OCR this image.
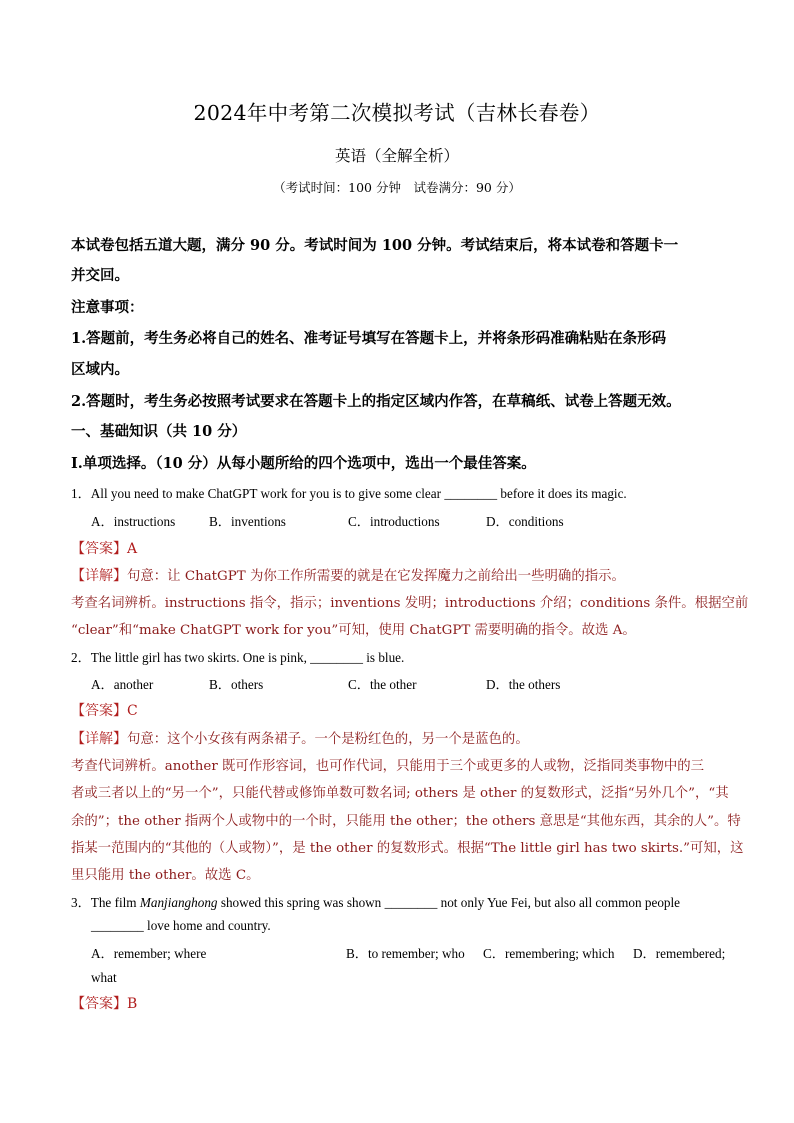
2024年中考第二次模拟考试（吉林长春卷）
英语（全解全析）
（考试时间：100 分钟　试卷满分：90 分）
本试卷包括五道大题，满分 90 分。考试时间为 100 分钟。考试结束后，将本试卷和答题卡一
并交回。
注意事项：
1.答题前，考生务必将自己的姓名、准考证号填写在答题卡上，并将条形码准确粘贴在条形码
区域内。
2.答题时，考生务必按照考试要求在答题卡上的指定区域内作答，在草稿纸、试卷上答题无效。
一、基础知识（共 10 分）
I.单项选择。（10 分）从每小题所给的四个选项中，选出一个最佳答案。
1．All you need to make ChatGPT work for you is to give some clear ________ before it does its magic.
A．instructions	B．inventions	C．introductions	D．conditions
【答案】A
【详解】句意：让 ChatGPT 为你工作所需要的就是在它发挥魔力之前给出一些明确的指示。
考查名词辨析。instructions 指令，指示；inventions 发明；introductions 介绍；conditions 条件。根据空前
“clear”和“make ChatGPT work for you”可知，使用 ChatGPT 需要明确的指令。故选 A。
2．The little girl has two skirts. One is pink, ________ is blue.
A．another	B．others	C．the other	D．the others
【答案】C
【详解】句意：这个小女孩有两条裙子。一个是粉红色的，另一个是蓝色的。
考查代词辨析。another 既可作形容词，也可作代词，只能用于三个或更多的人或物，泛指同类事物中的三
者或三者以上的“另一个”，只能代替或修饰单数可数名词; others 是 other 的复数形式，泛指“另外几个”，“其
余的”；the other 指两个人或物中的一个时，只能用 the other；the others 意思是“其他东西，其余的人”。特
指某一范围内的“其他的（人或物）”，是 the other 的复数形式。根据“The little girl has two skirts.”可知，这
里只能用 the other。故选 C。
3．The film Manjianghong showed this spring was shown ________ not only Yue Fei, but also all common people
________ love home and country.
A．remember; where	B．to remember; who C．remembering; which D．remembered;
what
【答案】B
